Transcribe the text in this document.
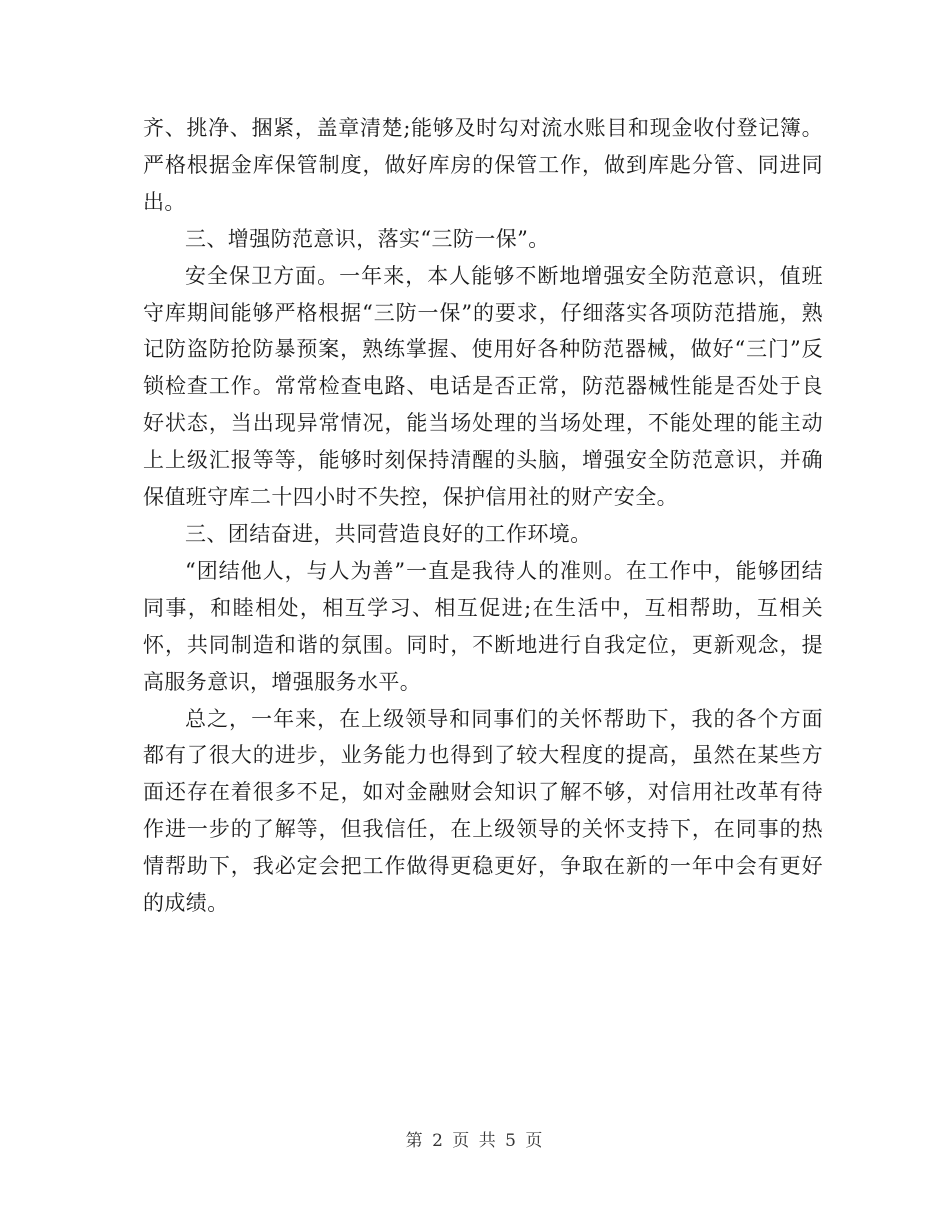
齐、挑净、捆紧，盖章清楚;能够及时勾对流水账目和现金收付登记簿。严格根据金库保管制度，做好库房的保管工作，做到库匙分管、同进同出。

三、增强防范意识，落实“三防一保”。

安全保卫方面。一年来，本人能够不断地增强安全防范意识，值班守库期间能够严格根据“三防一保”的要求，仔细落实各项防范措施，熟记防盗防抢防暴预案，熟练掌握、使用好各种防范器械，做好“三门”反锁检查工作。常常检查电路、电话是否正常，防范器械性能是否处于良好状态，当出现异常情况，能当场处理的当场处理，不能处理的能主动上上级汇报等等，能够时刻保持清醒的头脑，增强安全防范意识，并确保值班守库二十四小时不失控，保护信用社的财产安全。

三、团结奋进，共同营造良好的工作环境。

“团结他人，与人为善”一直是我待人的准则。在工作中，能够团结同事，和睦相处，相互学习、相互促进;在生活中，互相帮助，互相关怀，共同制造和谐的氛围。同时，不断地进行自我定位，更新观念，提高服务意识，增强服务水平。

总之，一年来，在上级领导和同事们的关怀帮助下，我的各个方面都有了很大的进步，业务能力也得到了较大程度的提高，虽然在某些方面还存在着很多不足，如对金融财会知识了解不够，对信用社改革有待作进一步的了解等，但我信任，在上级领导的关怀支持下，在同事的热情帮助下，我必定会把工作做得更稳更好，争取在新的一年中会有更好的成绩。

第 2 页 共 5 页
